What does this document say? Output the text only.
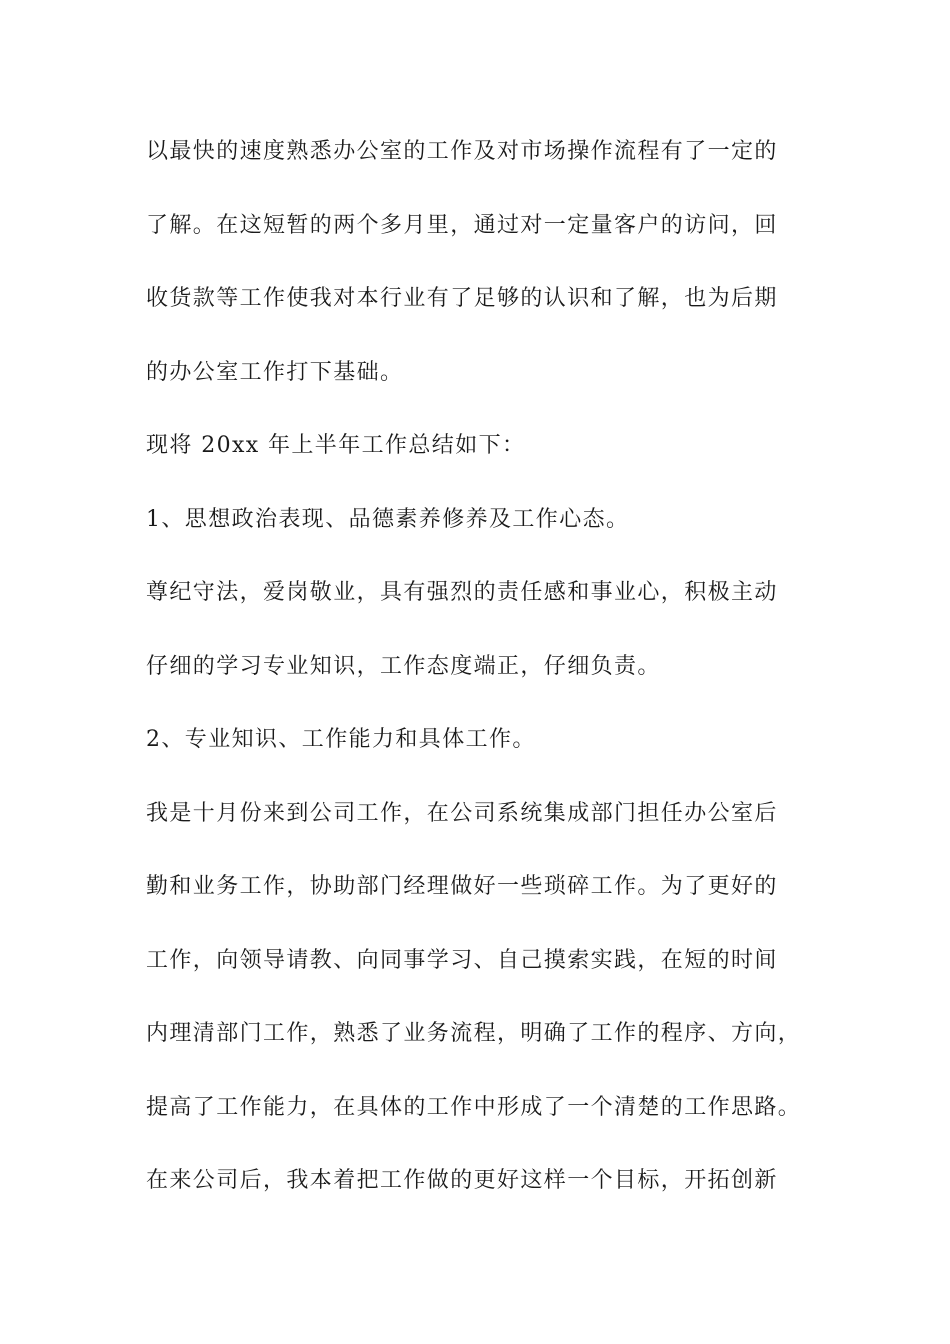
以最快的速度熟悉办公室的工作及对市场操作流程有了一定的
了解。在这短暂的两个多月里，通过对一定量客户的访问，回
收货款等工作使我对本行业有了足够的认识和了解，也为后期
的办公室工作打下基础。
现将 20xx 年上半年工作总结如下：
1、思想政治表现、品德素养修养及工作心态。
尊纪守法，爱岗敬业，具有强烈的责任感和事业心，积极主动
仔细的学习专业知识，工作态度端正，仔细负责。
2、专业知识、工作能力和具体工作。
我是十月份来到公司工作，在公司系统集成部门担任办公室后
勤和业务工作，协助部门经理做好一些琐碎工作。为了更好的
工作，向领导请教、向同事学习、自己摸索实践，在短的时间
内理清部门工作，熟悉了业务流程，明确了工作的程序、方向，
提高了工作能力，在具体的工作中形成了一个清楚的工作思路。
在来公司后，我本着把工作做的更好这样一个目标，开拓创新
